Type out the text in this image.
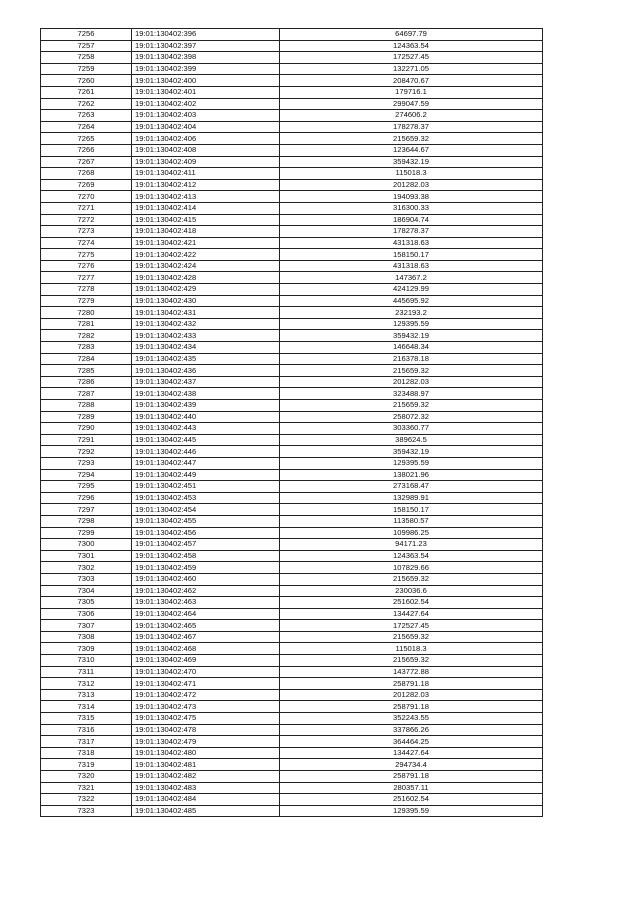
7256	19:01:130402:396	64697.79
7257	19:01:130402:397	124363.54
7258	19:01:130402:398	172527.45
7259	19:01:130402:399	132271.05
7260	19:01:130402:400	208470.67
7261	19:01:130402:401	179716.1
7262	19:01:130402:402	299047.59
7263	19:01:130402:403	274606.2
7264	19:01:130402:404	178278.37
7265	19:01:130402:406	215659.32
7266	19:01:130402:408	123644.67
7267	19:01:130402:409	359432.19
7268	19:01:130402:411	115018.3
7269	19:01:130402:412	201282.03
7270	19:01:130402:413	194093.38
7271	19:01:130402:414	316300.33
7272	19:01:130402:415	186904.74
7273	19:01:130402:418	178278.37
7274	19:01:130402:421	431318.63
7275	19:01:130402:422	158150.17
7276	19:01:130402:424	431318.63
7277	19:01:130402:428	147367.2
7278	19:01:130402:429	424129.99
7279	19:01:130402:430	445695.92
7280	19:01:130402:431	232193.2
7281	19:01:130402:432	129395.59
7282	19:01:130402:433	359432.19
7283	19:01:130402:434	146648.34
7284	19:01:130402:435	216378.18
7285	19:01:130402:436	215659.32
7286	19:01:130402:437	201282.03
7287	19:01:130402:438	323488.97
7288	19:01:130402:439	215659.32
7289	19:01:130402:440	258072.32
7290	19:01:130402:443	303360.77
7291	19:01:130402:445	389624.5
7292	19:01:130402:446	359432.19
7293	19:01:130402:447	129395.59
7294	19:01:130402:449	138021.96
7295	19:01:130402:451	273168.47
7296	19:01:130402:453	132989.91
7297	19:01:130402:454	158150.17
7298	19:01:130402:455	113580.57
7299	19:01:130402:456	109986.25
7300	19:01:130402:457	94171.23
7301	19:01:130402:458	124363.54
7302	19:01:130402:459	107829.66
7303	19:01:130402:460	215659.32
7304	19:01:130402:462	230036.6
7305	19:01:130402:463	251602.54
7306	19:01:130402:464	134427.64
7307	19:01:130402:465	172527.45
7308	19:01:130402:467	215659.32
7309	19:01:130402:468	115018.3
7310	19:01:130402:469	215659.32
7311	19:01:130402:470	143772.88
7312	19:01:130402:471	258791.18
7313	19:01:130402:472	201282.03
7314	19:01:130402:473	258791.18
7315	19:01:130402:475	352243.55
7316	19:01:130402:478	337866.26
7317	19:01:130402:479	364464.25
7318	19:01:130402:480	134427.64
7319	19:01:130402:481	294734.4
7320	19:01:130402:482	258791.18
7321	19:01:130402:483	280357.11
7322	19:01:130402:484	251602.54
7323	19:01:130402:485	129395.59
